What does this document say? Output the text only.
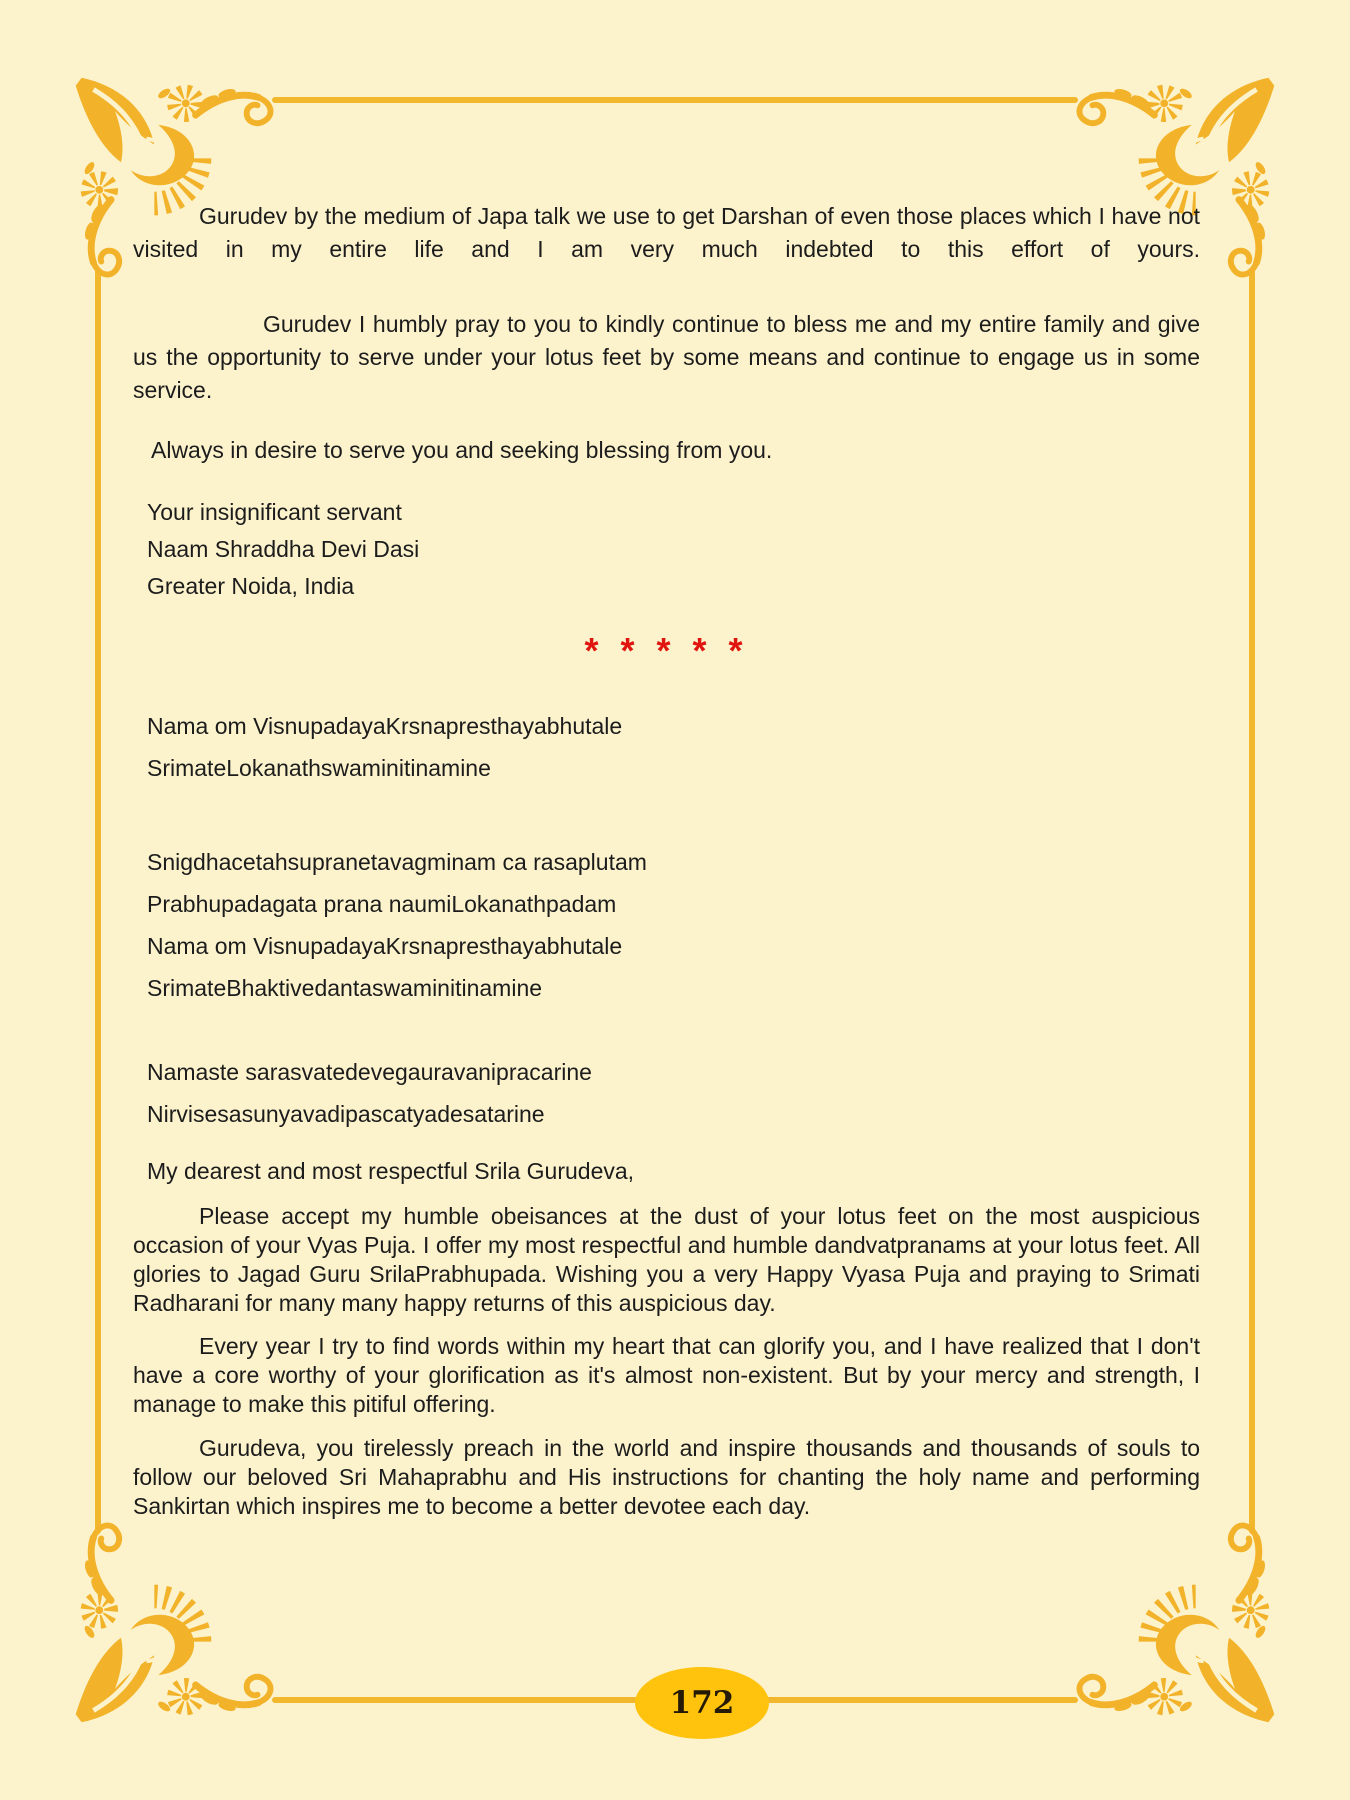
Gurudev by the medium of Japa talk we use to get Darshan of even those places which I have not visited in my entire life and I am very much indebted to this effort of yours.

Gurudev I humbly pray to you to kindly continue to bless me and my entire family and give us the opportunity to serve under your lotus feet by some means and continue to engage us in some service.

Always in desire to serve you and seeking blessing from you.

Your insignificant servant

Naam Shraddha Devi Dasi

Greater Noida, India

* * * * *

Nama om VisnupadayaKrsnapresthayabhutale

SrimateLokanathswaminitinamine

Snigdhacetahsupranetavagminam ca rasaplutam

Prabhupadagata prana naumiLokanathpadam

Nama om VisnupadayaKrsnapresthayabhutale

SrimateBhaktivedantaswaminitinamine

Namaste sarasvatedevegauravanipracarine

Nirvisesasunyavadipascatyadesatarine

My dearest and most respectful Srila Gurudeva,

Please accept my humble obeisances at the dust of your lotus feet on the most auspicious occasion of your Vyas Puja. I offer my most respectful and humble dandvatpranams at your lotus feet. All glories to Jagad Guru SrilaPrabhupada. Wishing you a very Happy Vyasa Puja and praying to Srimati Radharani for many many happy returns of this auspicious day.

Every year I try to find words within my heart that can glorify you, and I have realized that I don't have a core worthy of your glorification as it's almost non-existent. But by your mercy and strength, I manage to make this pitiful offering.

Gurudeva, you tirelessly preach in the world and inspire thousands and thousands of souls to follow our beloved Sri Mahaprabhu and His instructions for chanting the holy name and performing Sankirtan which inspires me to become a better devotee each day.

172
